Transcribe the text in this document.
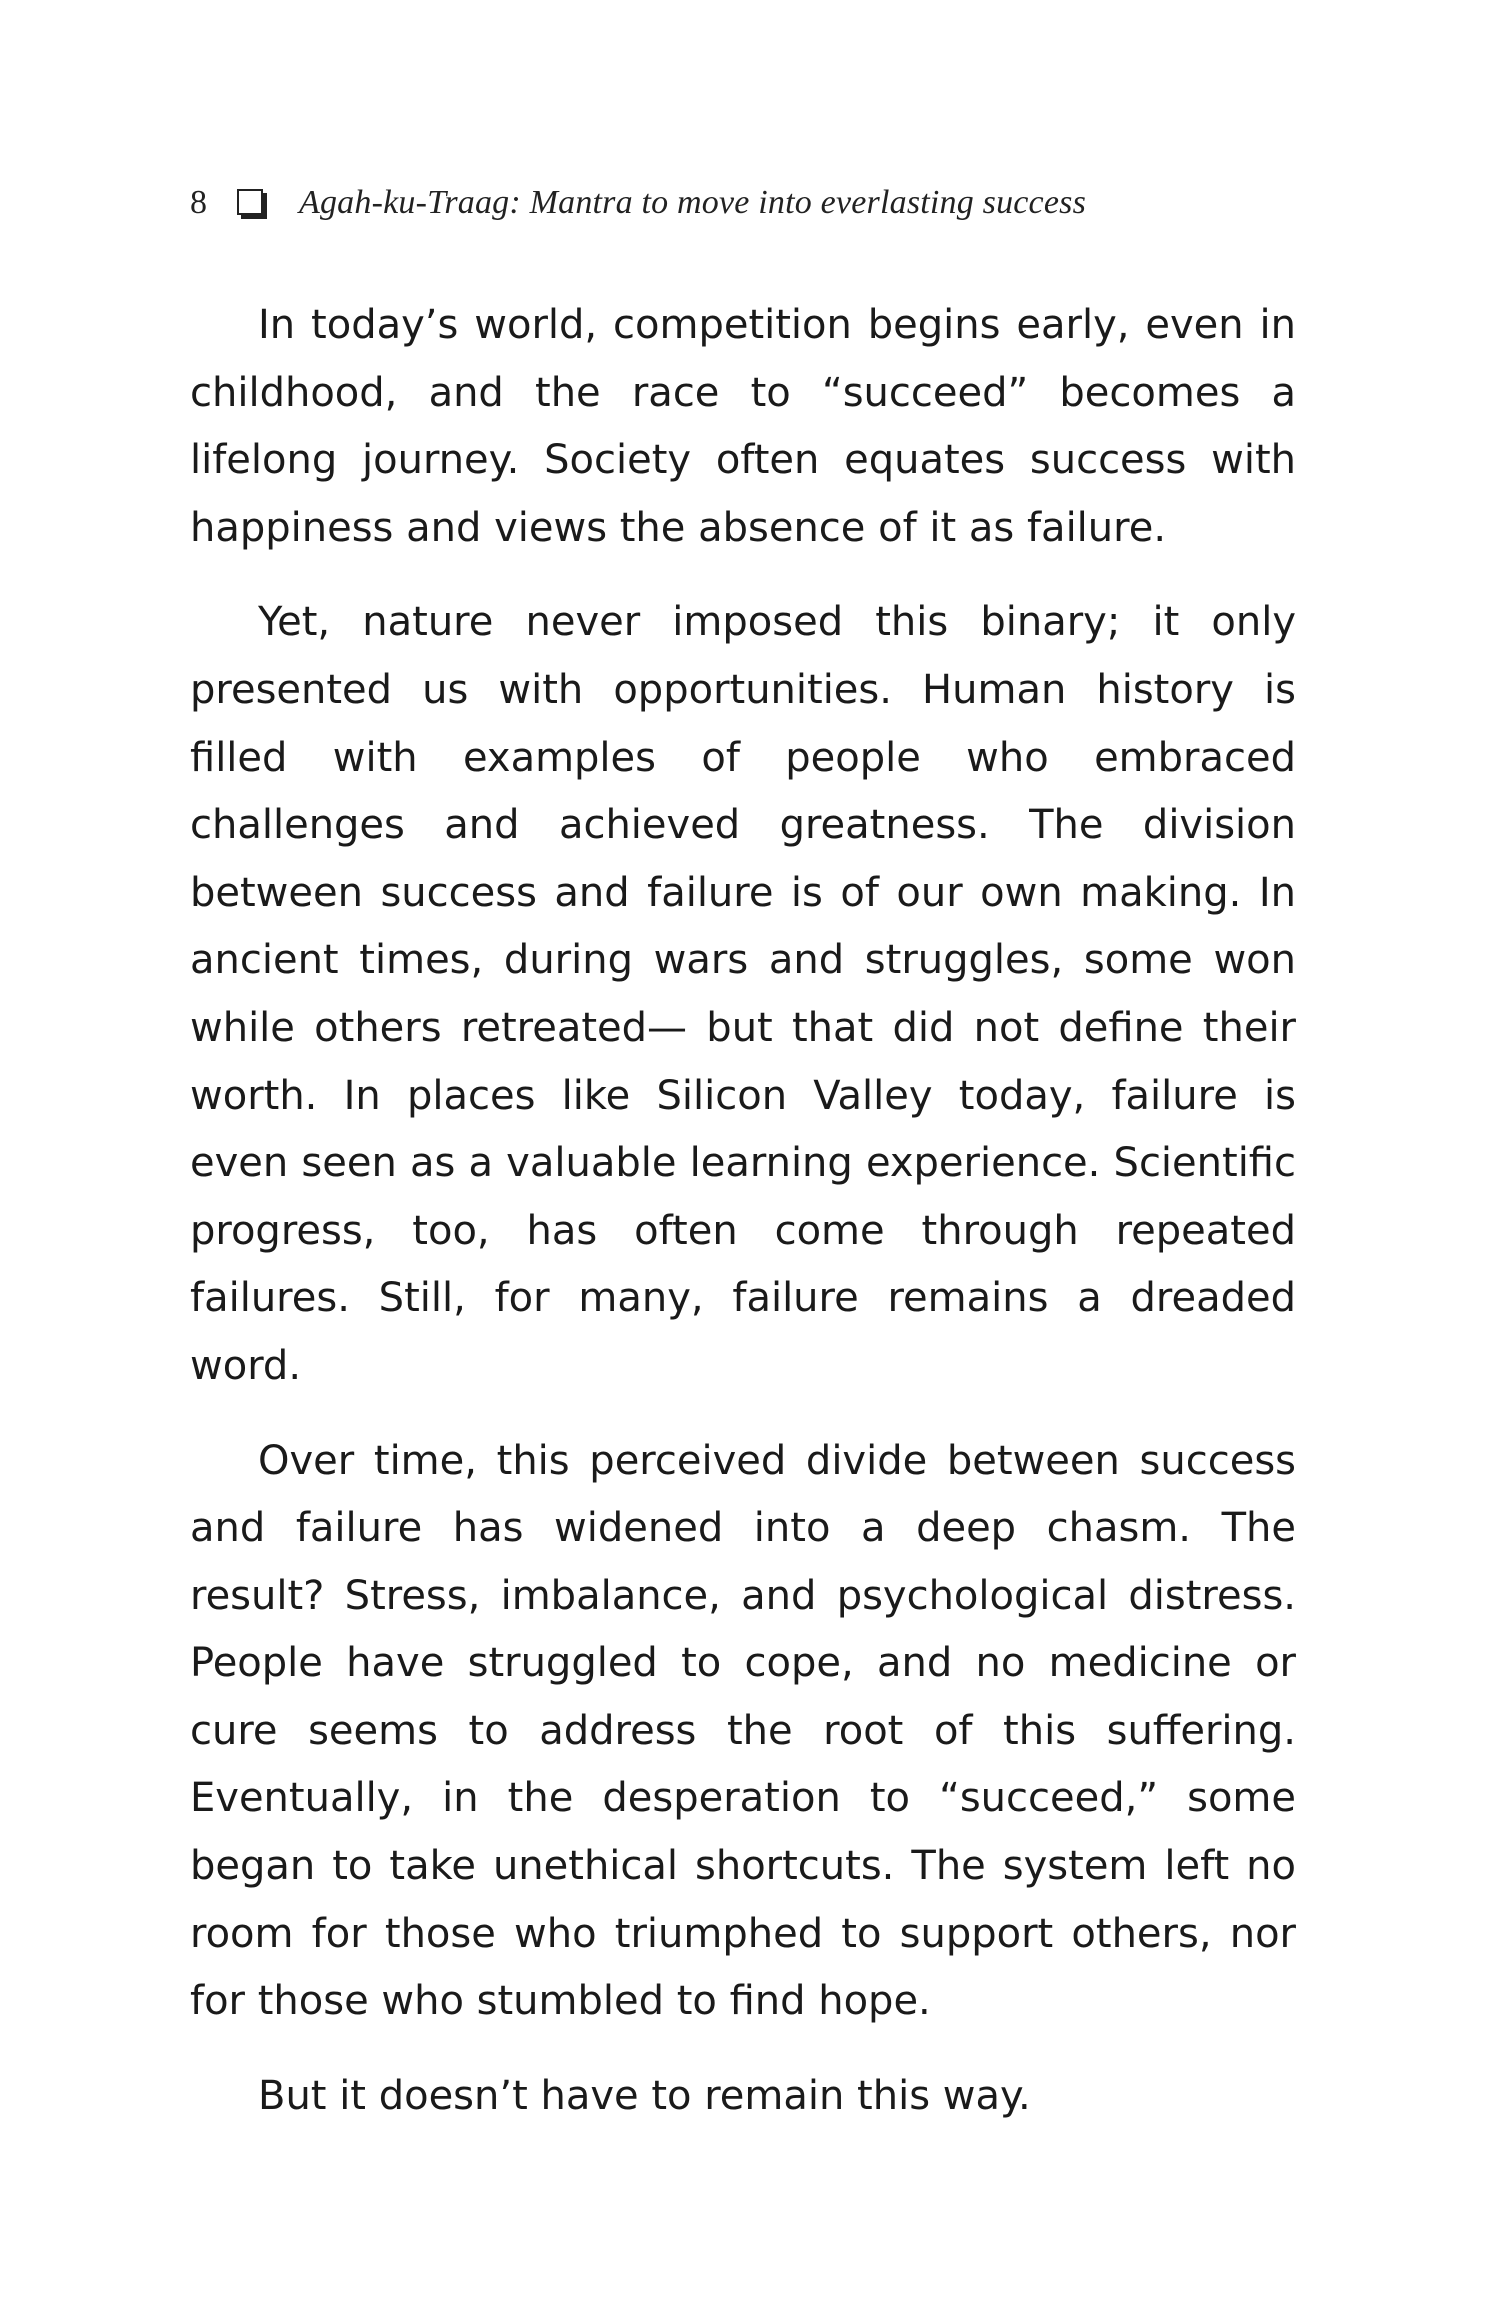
8	Agah-ku-Traag: Mantra to move into everlasting success

In today’s world, competition begins early, even in childhood, and the race to “succeed” becomes a lifelong journey. Society often equates success with happiness and views the absence of it as failure.

Yet, nature never imposed this binary; it only presented us with opportunities. Human history is filled with examples of people who embraced challenges and achieved greatness. The division between success and failure is of our own making. In ancient times, during wars and struggles, some won while others retreated— but that did not define their worth. In places like Silicon Valley today, failure is even seen as a valuable learning experience. Scientific progress, too, has often come through repeated failures. Still, for many, failure remains a dreaded word.

Over time, this perceived divide between success and failure has widened into a deep chasm. The result? Stress, imbalance, and psychological distress. People have struggled to cope, and no medicine or cure seems to address the root of this suffering. Eventually, in the desperation to “succeed,” some began to take unethical shortcuts. The system left no room for those who triumphed to support others, nor for those who stumbled to find hope.

But it doesn’t have to remain this way.
